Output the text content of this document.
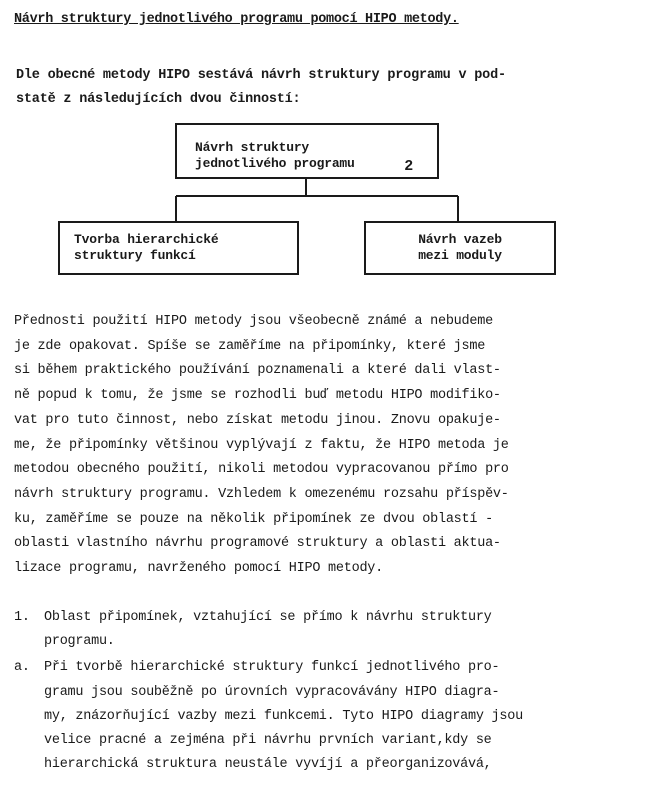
Návrh struktury jednotlivého programu pomocí HIPO metody.
Dle obecné metody HIPO sestává návrh struktury programu v pod-
statě z následujících dvou činností:
Návrh struktury
jednotlivého programu	2
Tvorba hierarchické
struktury funkcí
Návrh vazeb
mezi moduly
Přednosti použití HIPO metody jsou všeobecně známé a nebudeme
je zde opakovat. Spíše se zaměříme na připomínky, které jsme
si během praktického používání poznamenali a které dali vlast-
ně popud k tomu, že jsme se rozhodli buď metodu HIPO modifiko-
vat pro tuto činnost, nebo získat metodu jinou. Znovu opakuje-
me, že připomínky většinou vyplývají z faktu, že HIPO metoda je
metodou obecného použití, nikoli metodou vypracovanou přímo pro
návrh struktury programu. Vzhledem k omezenému rozsahu příspěv-
ku, zaměříme se pouze na několik připomínek ze dvou oblastí -
oblasti vlastního návrhu programové struktury a oblasti aktua-
lizace programu, navrženého pomocí HIPO metody.
1.	Oblast připomínek, vztahující se přímo k návrhu struktury
programu.
a.	Při tvorbě hierarchické struktury funkcí jednotlivého pro-
gramu jsou souběžně po úrovních vypracovávány HIPO diagra-
my, znázorňující vazby mezi funkcemi. Tyto HIPO diagramy jsou
velice pracné a zejména při návrhu prvních variant,kdy se
hierarchická struktura neustále vyvíjí a přeorganizovává,
